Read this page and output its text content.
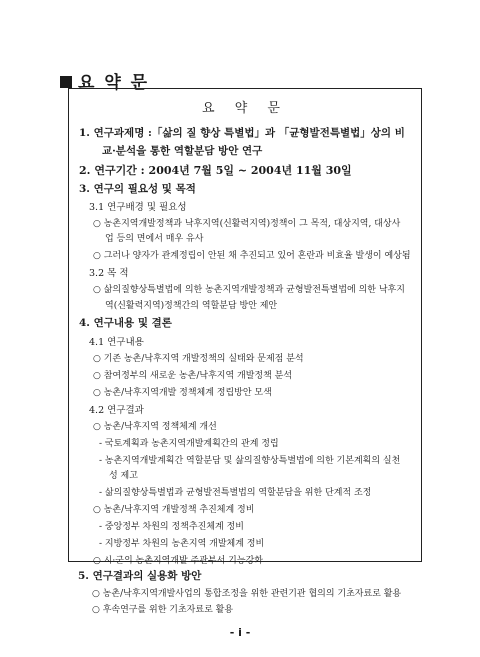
요 약 문
요 약 문
1. 연구과제명 :「삶의 질 향상 특별법」과 「균형발전특별법」상의 비
교·분석을 통한 역할분담 방안 연구
2. 연구기간 : 2004년 7월 5일 ~ 2004년 11월 30일
3. 연구의 필요성 및 목적
3.1 연구배경 및 필요성
○ 농촌지역개발정책과 낙후지역(신활력지역)정책이 그 목적, 대상지역, 대상사
업 등의 면에서 매우 유사
○ 그러나 양자가 관계정립이 안된 채 추진되고 있어 혼란과 비효율 발생이 예상됨
3.2 목 적
○ 삶의질향상특별법에 의한 농촌지역개발정책과 균형발전특별법에 의한 낙후지
역(신활력지역)정책간의 역할분담 방안 제안
4. 연구내용 및 결론
4.1 연구내용
○ 기존 농촌/낙후지역 개발정책의 실태와 문제점 분석
○ 참여정부의 새로운 농촌/낙후지역 개발정책 분석
○ 농촌/낙후지역개발 정책체계 정립방안 모색
4.2 연구결과
○ 농촌/낙후지역 정책체계 개선
- 국토계획과 농촌지역개발계획간의 관계 정립
- 농촌지역개발계획간 역할분담 및 삶의질향상특별법에 의한 기본계획의 실천
성 제고
- 삶의질향상특별법과 균형발전특별법의 역할분담을 위한 단계적 조정
○ 농촌/낙후지역 개발정책 추진체계 정비
- 중앙정부 차원의 정책추진체계 정비
- 지방정부 차원의 농촌지역 개발체계 정비
○ 시·군의 농촌지역개발 주관부서 기능강화
5. 연구결과의 실용화 방안
○ 농촌/낙후지역개발사업의 통합조정을 위한 관련기관 협의의 기초자료로 활용
○ 후속연구를 위한 기초자료로 활용
- i -
